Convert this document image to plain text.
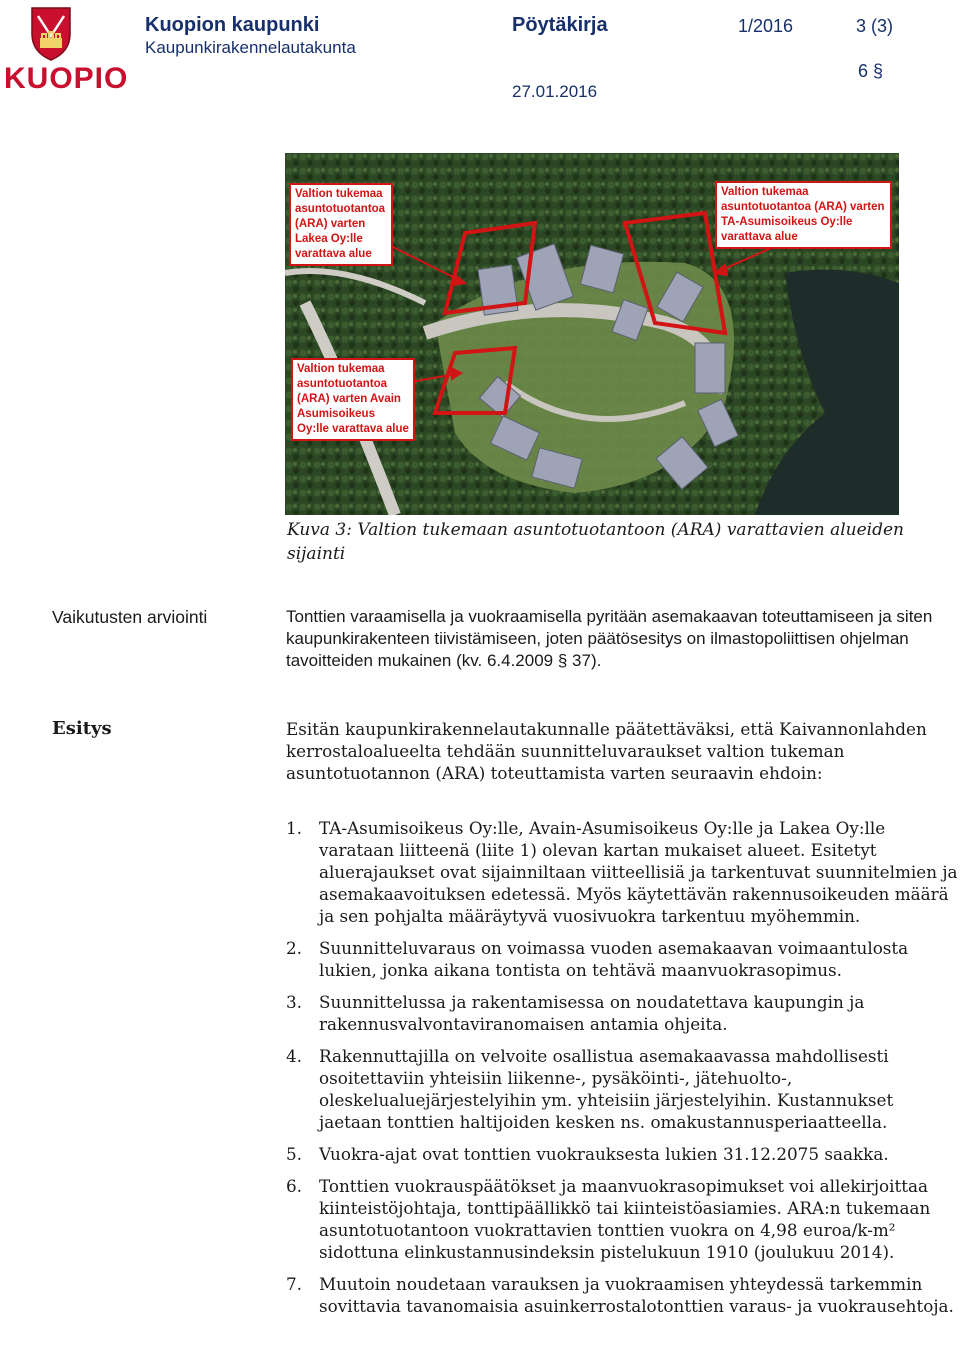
KUOPIO
Kuopion kaupunki
Kaupunkirakennelautakunta
Pöytäkirja	1/2016	3 (3)
6 §
27.01.2016
Valtion tukemaa asuntotuotantoa (ARA) varten Lakea Oy:lle varattava alue
Valtion tukemaa asuntotuotantoa (ARA) varten TA-Asumisoikeus Oy:lle varattava alue
Valtion tukemaa asuntotuotantoa (ARA) varten Avain Asumisoikeus Oy:lle varattava alue
Kuva 3: Valtion tukemaan asuntotuotantoon (ARA) varattavien alueiden sijainti
Vaikutusten arviointi	Tonttien varaamisella ja vuokraamisella pyritään asemakaavan toteuttamiseen ja siten kaupunkirakenteen tiivistämiseen, joten päätösesitys on ilmastopoliittisen ohjelman tavoitteiden mukainen (kv. 6.4.2009 § 37).
Esitys	Esitän kaupunkirakennelautakunnalle päätettäväksi, että Kaivannonlahden kerrostaloalueelta tehdään suunnitteluvaraukset valtion tukeman asuntotuotannon (ARA) toteuttamista varten seuraavin ehdoin:
1. TA-Asumisoikeus Oy:lle, Avain-Asumisoikeus Oy:lle ja Lakea Oy:lle varataan liitteenä (liite 1) olevan kartan mukaiset alueet. Esitetyt aluerajaukset ovat sijainniltaan viitteellisiä ja tarkentuvat suunnitelmien ja asemakaavoituksen edetessä. Myös käytettävän rakennusoikeuden määrä ja sen pohjalta määräytyvä vuosivuokra tarkentuu myöhemmin.
2. Suunnitteluvaraus on voimassa vuoden asemakaavan voimaantulosta lukien, jonka aikana tontista on tehtävä maanvuokrasopimus.
3. Suunnittelussa ja rakentamisessa on noudatettava kaupungin ja rakennusvalvontaviranomaisen antamia ohjeita.
4. Rakennuttajilla on velvoite osallistua asemakaavassa mahdollisesti osoitettaviin yhteisiin liikenne-, pysäköinti-, jätehuolto-, oleskelualuejärjestelyihin ym. yhteisiin järjestelyihin. Kustannukset jaetaan tonttien haltijoiden kesken ns. omakustannusperiaatteella.
5. Vuokra-ajat ovat tonttien vuokrauksesta lukien 31.12.2075 saakka.
6. Tonttien vuokrauspäätökset ja maanvuokrasopimukset voi allekirjoittaa kiinteistöjohtaja, tonttipäällikkö tai kiinteistöasiamies. ARA:n tukemaan asuntotuotantoon vuokrattavien tonttien vuokra on 4,98 euroa/k-m² sidottuna elinkustannusindeksin pistelukuun 1910 (joulukuu 2014).
7. Muutoin noudetaan varauksen ja vuokraamisen yhteydessä tarkemmin sovittavia tavanomaisia asuinkerrostalotonttien varaus- ja vuokrausehtoja.
